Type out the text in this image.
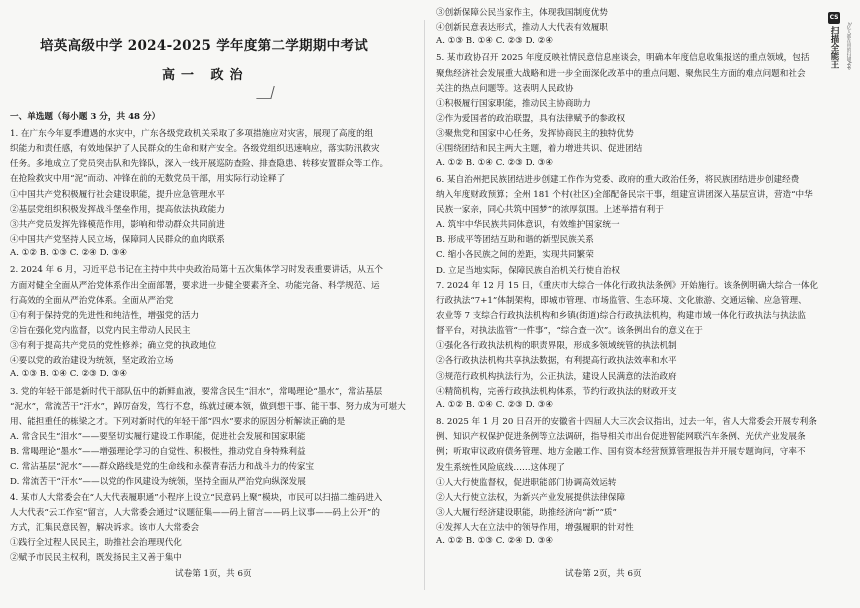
培英高级中学 2024-2025 学年度第二学期期中考试
高一 政治
一、单选题（每小题 3 分，共 48 分）
1. 在广东今年夏季遭遇的水灾中，广东各级党政机关采取了多项措施应对灾害，展现了高度的组
织能力和责任感，有效地保护了人民群众的生命和财产安全。各级党组织迅速响应，落实防汛救灾
任务。多地成立了党员突击队和先锋队，深入一线开展巡防查险、排查隐患、转移安置群众等工作。
在抢险救灾中用“泥”而动、冲锋在前的无数党员干部，用实际行动诠释了
①中国共产党积极履行社会建设职能，提升应急管理水平
②基层党组织积极发挥战斗堡垒作用，提高依法执政能力
③共产党员发挥先锋模范作用，影响和带动群众共同前进
④中国共产党坚持人民立场，保障同人民群众的血肉联系
A. ①② B. ①③ C. ②④ D. ③④
2. 2024 年 6 月，习近平总书记在主持中共中央政治局第十五次集体学习时发表重要讲话，从五个
方面对健全全面从严治党体系作出全面部署，要求进一步健全要素齐全、功能完备、科学规范、运
行高效的全面从严治党体系。全面从严治党
①有利于保持党的先进性和纯洁性，增强党的活力
②旨在强化党内监督，以党内民主带动人民民主
③有利于提高共产党员的党性修养；确立党的执政地位
④要以党的政治建设为统领，坚定政治立场
A. ①③ B. ①④ C. ②③ D. ③④
3. 党的年轻干部是新时代干部队伍中的新鲜血液，要常含民生“泪水”，常喝理论“墨水”，常沾基层
“泥水”，常流苦干“汗水”，踔厉奋发，笃行不怠，练就过硬本领，做到想干事、能干事、努力成为可堪大
用、能担重任的栋梁之才。下列对新时代的年轻干部“四水”要求的原因分析解读正确的是
A. 常含民生“泪水”——要坚切实履行建设工作职能，促进社会发展和国家职能
B. 常喝理论“墨水”——增强理论学习的自觉性、积极性，推动党自身特殊利益
C. 常沾基层“泥水”——群众路线是党的生命线和永葆青春活力和战斗力的传家宝
D. 常流苦干“汗水”——以党的作风建设为统领，坚持全面从严治党向纵深发展
4. 某市人大常委会在“人大代表履职通”小程序上设立“民意码上聚”模块，市民可以扫描二维码进入
人大代表“云工作室”留言，人大常委会通过“议题征集——码上留言——码上议事——码上公开”的
方式，汇集民意民智，解决诉求。该市人大常委会
①践行全过程人民民主，助推社会治理现代化
②赋予市民民主权利，既发扬民主又善于集中
③创新保障公民当家作主，体现我国制度优势
④创新民意表达形式，推动人大代表有效履职
A. ①③ B. ①④ C. ②③ D. ②④
5. 某市政协召开 2025 年度反映社情民意信息座谈会，明确本年度信息收集报送的重点领域，包括
聚焦经济社会发展重大战略和进一步全面深化改革中的重点问题、聚焦民生方面的难点问题和社会
关注的热点问题等。这表明人民政协
①积极履行国家职能，推动民主协商助力
②作为爱国者的政治联盟，具有法律赋予的参政权
③聚焦党和国家中心任务，发挥协商民主的独特优势
④围绕团结和民主两大主题，着力增进共识、促进团结
A. ①② B. ①④ C. ②③ D. ③④
6. 某自治州把民族团结进步创建工作作为党委、政府的重大政治任务，将民族团结进步创建经费
纳入年度财政预算；全州 181 个村(社区)全部配备民宗干事，组建宣讲团深入基层宣讲，营造“中华
民族一家亲，同心共筑中国梦”的浓厚氛围。上述举措有利于
A. 筑牢中华民族共同体意识，有效维护国家统一
B. 形成平等团结互助和谐的新型民族关系
C. 缩小各民族之间的差距，实现共同繁荣
D. 立足当地实际，保障民族自治机关行使自治权
7. 2024 年 12 月 15 日，《重庆市大综合一体化行政执法条例》开始施行。该条例明确大综合一体化
行政执法“7+1”体制架构，即城市管理、市场监管、生态环境、文化旅游、交通运输、应急管理、
农业等 7 支综合行政执法机构和乡镇(街道)综合行政执法机构，构建市域一体化行政执法与执法监
督平台，对执法监管“一件事”，“综合查一次”。该条例出台的意义在于
①强化各行政执法机构的职责界限，形成多领域统管的执法机制
②各行政执法机构共享执法数据，有利提高行政执法效率和水平
③规范行政机构执法行为，公正执法，建设人民满意的法治政府
④精简机构，完善行政执法机构体系，节约行政执法的财政开支
A. ①② B. ①④ C. ②③ D. ③④
8. 2025 年 1 月 20 日召开的安徽省十四届人大三次会议指出，过去一年，省人大常委会开展专利条
例、知识产权保护促进条例等立法调研，指导相关市出台促进智能网联汽车条例、光伏产业发展条
例；听取审议政府债务管理、地方金融工作、国有资本经营预算管理报告并开展专题询问，守率不
发生系统性风险底线……这体现了
①人大行使监督权，促进职能部门协调高效运转
②人大行使立法权，为新兴产业发展提供法律保障
③人大履行经济建设职能，助推经济向“新”“质”
④发挥人大在立法中的领导作用，增强履职的针对性
A. ①② B. ①③ C. ②④ D. ③④
试卷第 1页，共 6页	试卷第 2页，共 6页
CS
扫描全能王 3亿人都在用的扫描App
